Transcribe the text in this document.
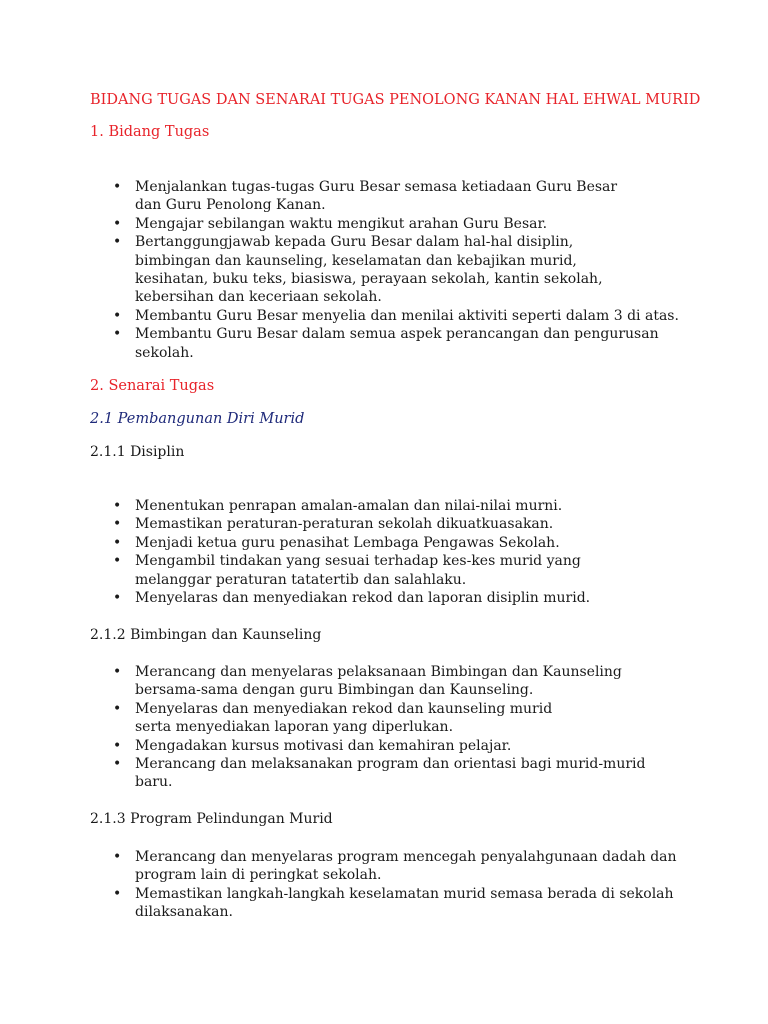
BIDANG TUGAS DAN SENARAI TUGAS PENOLONG KANAN HAL EHWAL MURID
1. Bidang Tugas
• Menjalankan tugas-tugas Guru Besar semasa ketiadaan Guru Besar dan Guru Penolong Kanan.
• Mengajar sebilangan waktu mengikut arahan Guru Besar.
• Bertanggungjawab kepada Guru Besar dalam hal-hal disiplin, bimbingan dan kaunseling, keselamatan dan kebajikan murid, kesihatan, buku teks, biasiswa, perayaan sekolah, kantin sekolah, kebersihan dan keceriaan sekolah.
• Membantu Guru Besar menyelia dan menilai aktiviti seperti dalam 3 di atas.
• Membantu Guru Besar dalam semua aspek perancangan dan pengurusan sekolah.
2. Senarai Tugas
2.1 Pembangunan Diri Murid
2.1.1 Disiplin
• Menentukan penrapan amalan-amalan dan nilai-nilai murni.
• Memastikan peraturan-peraturan sekolah dikuatkuasakan.
• Menjadi ketua guru penasihat Lembaga Pengawas Sekolah.
• Mengambil tindakan yang sesuai terhadap kes-kes murid yang melanggar peraturan tatatertib dan salahlaku.
• Menyelaras dan menyediakan rekod dan laporan disiplin murid.
2.1.2 Bimbingan dan Kaunseling
• Merancang dan menyelaras pelaksanaan Bimbingan dan Kaunseling bersama-sama dengan guru Bimbingan dan Kaunseling.
• Menyelaras dan menyediakan rekod dan kaunseling murid serta menyediakan laporan yang diperlukan.
• Mengadakan kursus motivasi dan kemahiran pelajar.
• Merancang dan melaksanakan program dan orientasi bagi murid-murid baru.
2.1.3 Program Pelindungan Murid
• Merancang dan menyelaras program mencegah penyalahgunaan dadah dan program lain di peringkat sekolah.
• Memastikan langkah-langkah keselamatan murid semasa berada di sekolah dilaksanakan.
